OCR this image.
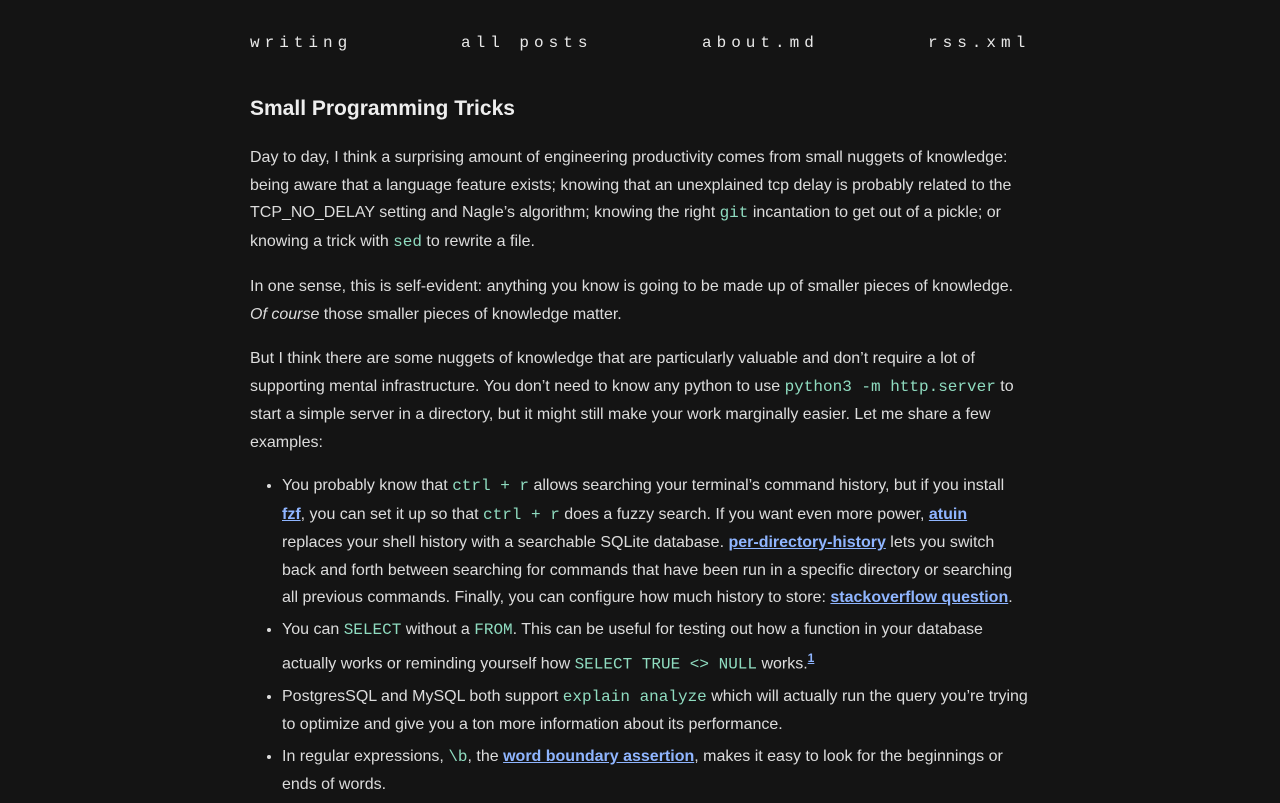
writing	all posts	about.md	rss.xml
Small Programming Tricks

Day to day, I think a surprising amount of engineering productivity comes from small nuggets of knowledge: being aware that a language feature exists; knowing that an unexplained tcp delay is probably related to the TCP_NO_DELAY setting and Nagle’s algorithm; knowing the right git incantation to get out of a pickle; or knowing a trick with sed to rewrite a file.

In one sense, this is self-evident: anything you know is going to be made up of smaller pieces of knowledge. Of course those smaller pieces of knowledge matter.

But I think there are some nuggets of knowledge that are particularly valuable and don’t require a lot of supporting mental infrastructure. You don’t need to know any python to use python3 -m http.server to start a simple server in a directory, but it might still make your work marginally easier. Let me share a few examples:

• You probably know that ctrl + r allows searching your terminal’s command history, but if you install fzf, you can set it up so that ctrl + r does a fuzzy search. If you want even more power, atuin replaces your shell history with a searchable SQLite database. per-directory-history lets you switch back and forth between searching for commands that have been run in a specific directory or searching all previous commands. Finally, you can configure how much history to store: stackoverflow question.
• You can SELECT without a FROM. This can be useful for testing out how a function in your database actually works or reminding yourself how SELECT TRUE <> NULL works.$^1$
• PostgresSQL and MySQL both support explain analyze which will actually run the query you’re trying to optimize and give you a ton more information about its performance.
• In regular expressions, \b, the word boundary assertion, makes it easy to look for the beginnings or ends of words.
